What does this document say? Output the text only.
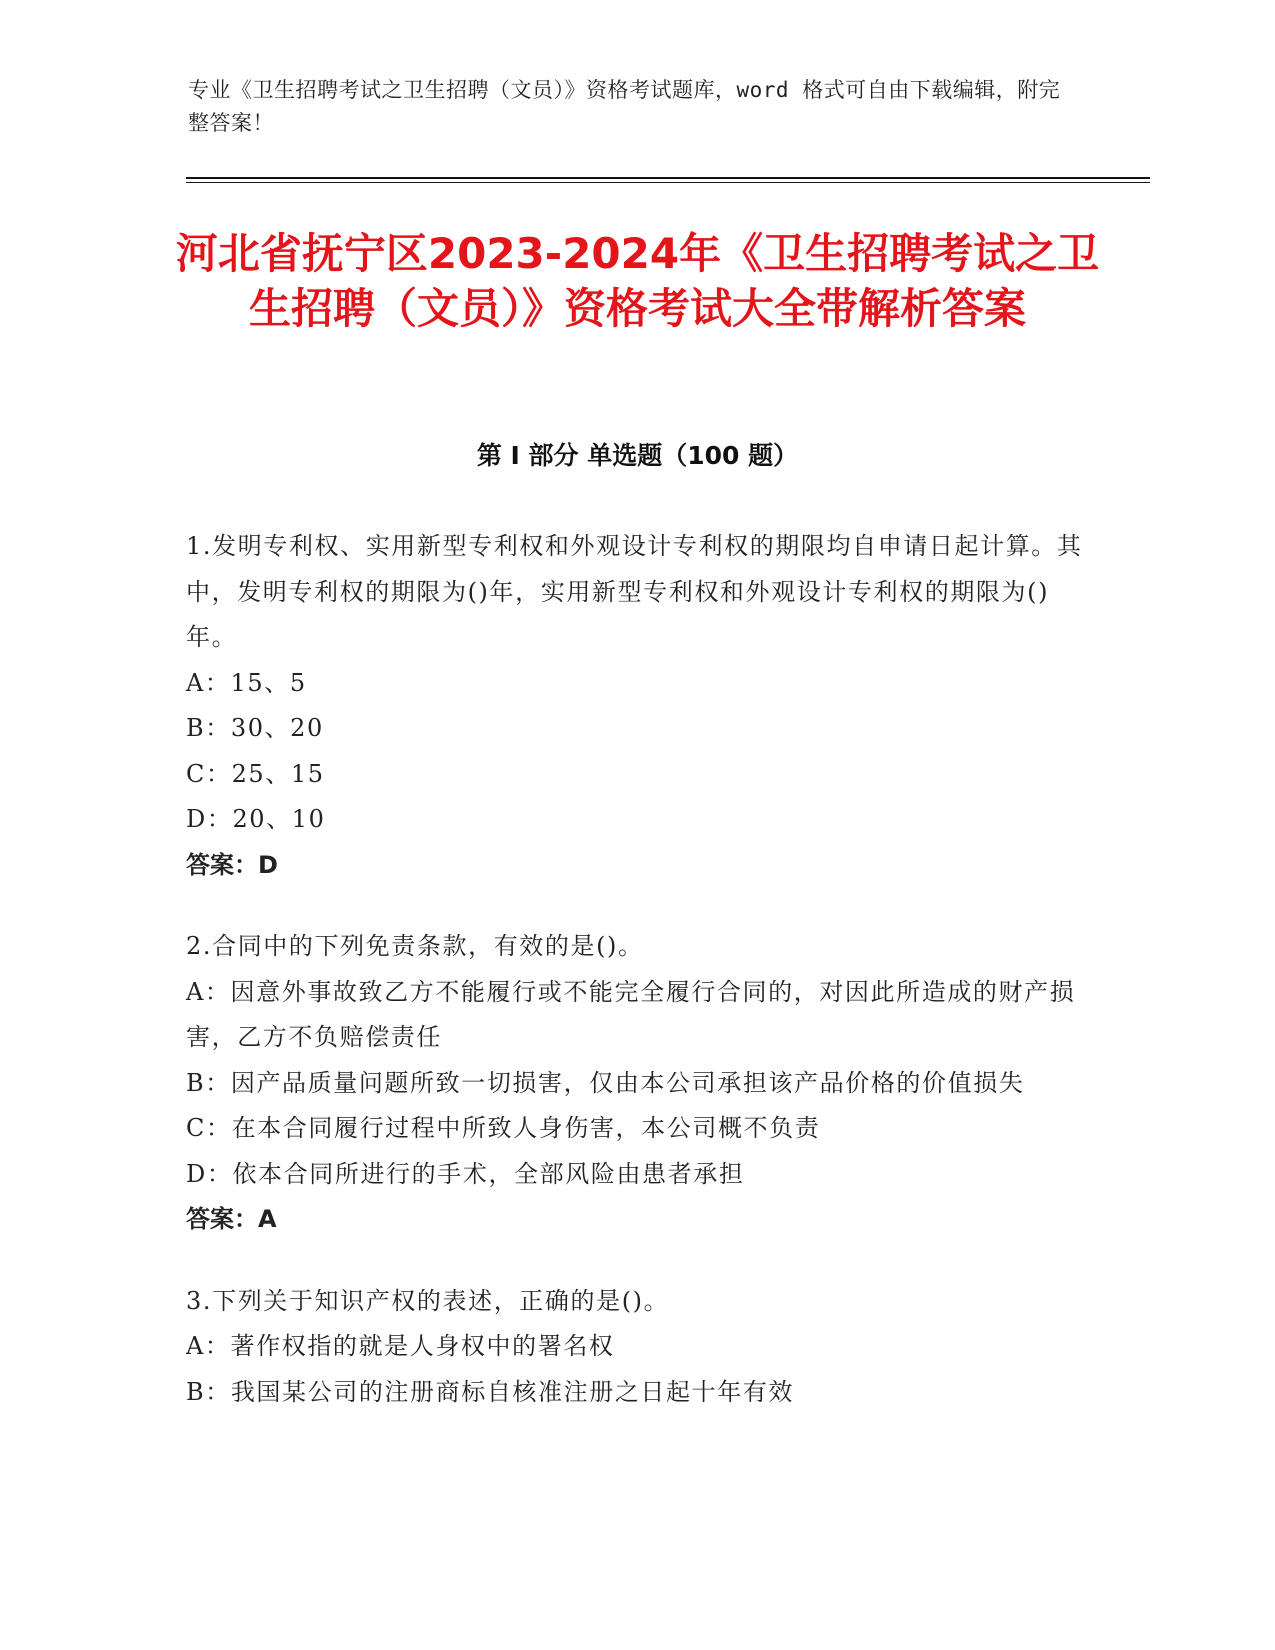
专业《卫生招聘考试之卫生招聘（文员）》资格考试题库，word 格式可自由下载编辑，附完整答案！
河北省抚宁区2023-2024年《卫生招聘考试之卫生招聘（文员）》资格考试大全带解析答案
第 I 部分 单选题（100 题）

1.发明专利权、实用新型专利权和外观设计专利权的期限均自申请日起计算。其中，发明专利权的期限为()年，实用新型专利权和外观设计专利权的期限为()年。

A：15、5

B：30、20

C：25、15

D：20、10

答案：D

2.合同中的下列免责条款，有效的是()。

A：因意外事故致乙方不能履行或不能完全履行合同的，对因此所造成的财产损害，乙方不负赔偿责任

B：因产品质量问题所致一切损害，仅由本公司承担该产品价格的价值损失

C：在本合同履行过程中所致人身伤害，本公司概不负责

D：依本合同所进行的手术，全部风险由患者承担

答案：A

3.下列关于知识产权的表述，正确的是()。

A：著作权指的就是人身权中的署名权

B：我国某公司的注册商标自核准注册之日起十年有效
